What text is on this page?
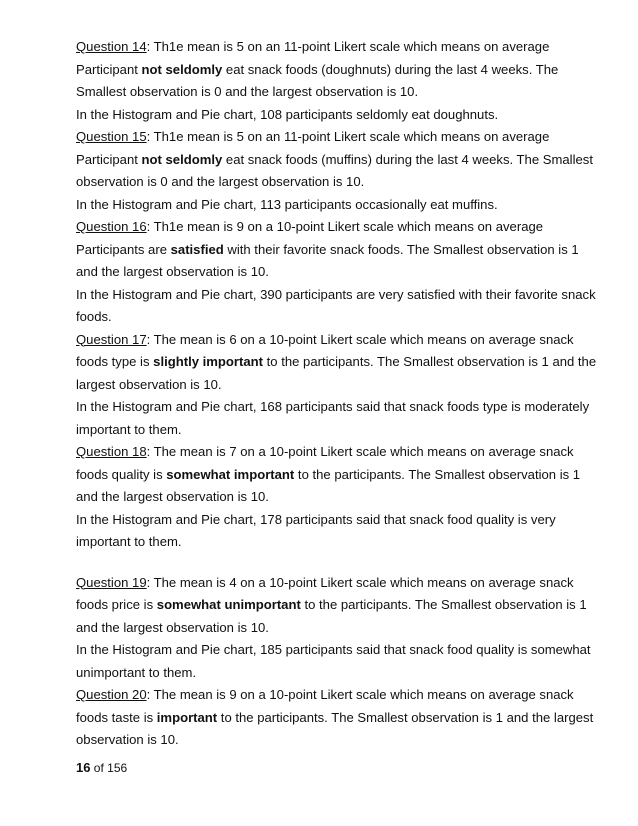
Question 14: Th1e mean is 5 on an 11-point Likert scale which means on average Participant not seldomly eat snack foods (doughnuts) during the last 4 weeks. The Smallest observation is 0 and the largest observation is 10.

In the Histogram and Pie chart, 108 participants seldomly eat doughnuts.

Question 15: Th1e mean is 5 on an 11-point Likert scale which means on average Participant not seldomly eat snack foods (muffins) during the last 4 weeks. The Smallest observation is 0 and the largest observation is 10.

In the Histogram and Pie chart, 113 participants occasionally eat muffins.

Question 16: Th1e mean is 9 on a 10-point Likert scale which means on average Participants are satisfied with their favorite snack foods. The Smallest observation is 1 and the largest observation is 10.

In the Histogram and Pie chart, 390 participants are very satisfied with their favorite snack foods.

Question 17: The mean is 6 on a 10-point Likert scale which means on average snack foods type is slightly important to the participants. The Smallest observation is 1 and the largest observation is 10.

In the Histogram and Pie chart, 168 participants said that snack foods type is moderately important to them.

Question 18: The mean is 7 on a 10-point Likert scale which means on average snack foods quality is somewhat important to the participants. The Smallest observation is 1 and the largest observation is 10.

In the Histogram and Pie chart, 178 participants said that snack food quality is very important to them.

Question 19: The mean is 4 on a 10-point Likert scale which means on average snack foods price is somewhat unimportant to the participants. The Smallest observation is 1 and the largest observation is 10.

In the Histogram and Pie chart, 185 participants said that snack food quality is somewhat unimportant to them.

Question 20: The mean is 9 on a 10-point Likert scale which means on average snack foods taste is important to the participants. The Smallest observation is 1 and the largest observation is 10.

16 of 156
